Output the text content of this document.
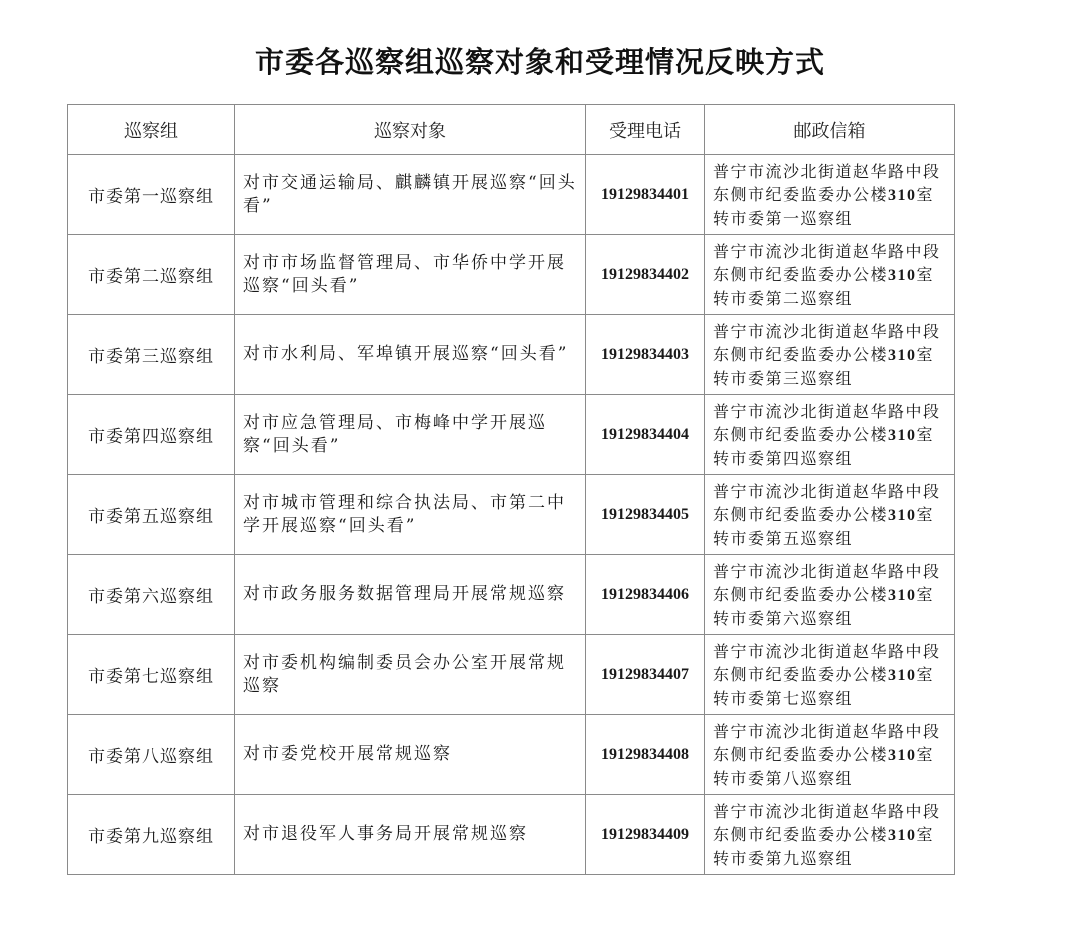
市委各巡察组巡察对象和受理情况反映方式
巡察组	巡察对象	受理电话	邮政信箱
市委第一巡察组	对市交通运输局、麒麟镇开展巡察“回头看”	19129834401	普宁市流沙北街道赵华路中段东侧市纪委监委办公楼310室转市委第一巡察组
市委第二巡察组	对市市场监督管理局、市华侨中学开展巡察“回头看”	19129834402	普宁市流沙北街道赵华路中段东侧市纪委监委办公楼310室转市委第二巡察组
市委第三巡察组	对市水利局、军埠镇开展巡察“回头看”	19129834403	普宁市流沙北街道赵华路中段东侧市纪委监委办公楼310室转市委第三巡察组
市委第四巡察组	对市应急管理局、市梅峰中学开展巡察“回头看”	19129834404	普宁市流沙北街道赵华路中段东侧市纪委监委办公楼310室转市委第四巡察组
市委第五巡察组	对市城市管理和综合执法局、市第二中学开展巡察“回头看”	19129834405	普宁市流沙北街道赵华路中段东侧市纪委监委办公楼310室转市委第五巡察组
市委第六巡察组	对市政务服务数据管理局开展常规巡察	19129834406	普宁市流沙北街道赵华路中段东侧市纪委监委办公楼310室转市委第六巡察组
市委第七巡察组	对市委机构编制委员会办公室开展常规巡察	19129834407	普宁市流沙北街道赵华路中段东侧市纪委监委办公楼310室转市委第七巡察组
市委第八巡察组	对市委党校开展常规巡察	19129834408	普宁市流沙北街道赵华路中段东侧市纪委监委办公楼310室转市委第八巡察组
市委第九巡察组	对市退役军人事务局开展常规巡察	19129834409	普宁市流沙北街道赵华路中段东侧市纪委监委办公楼310室转市委第九巡察组
